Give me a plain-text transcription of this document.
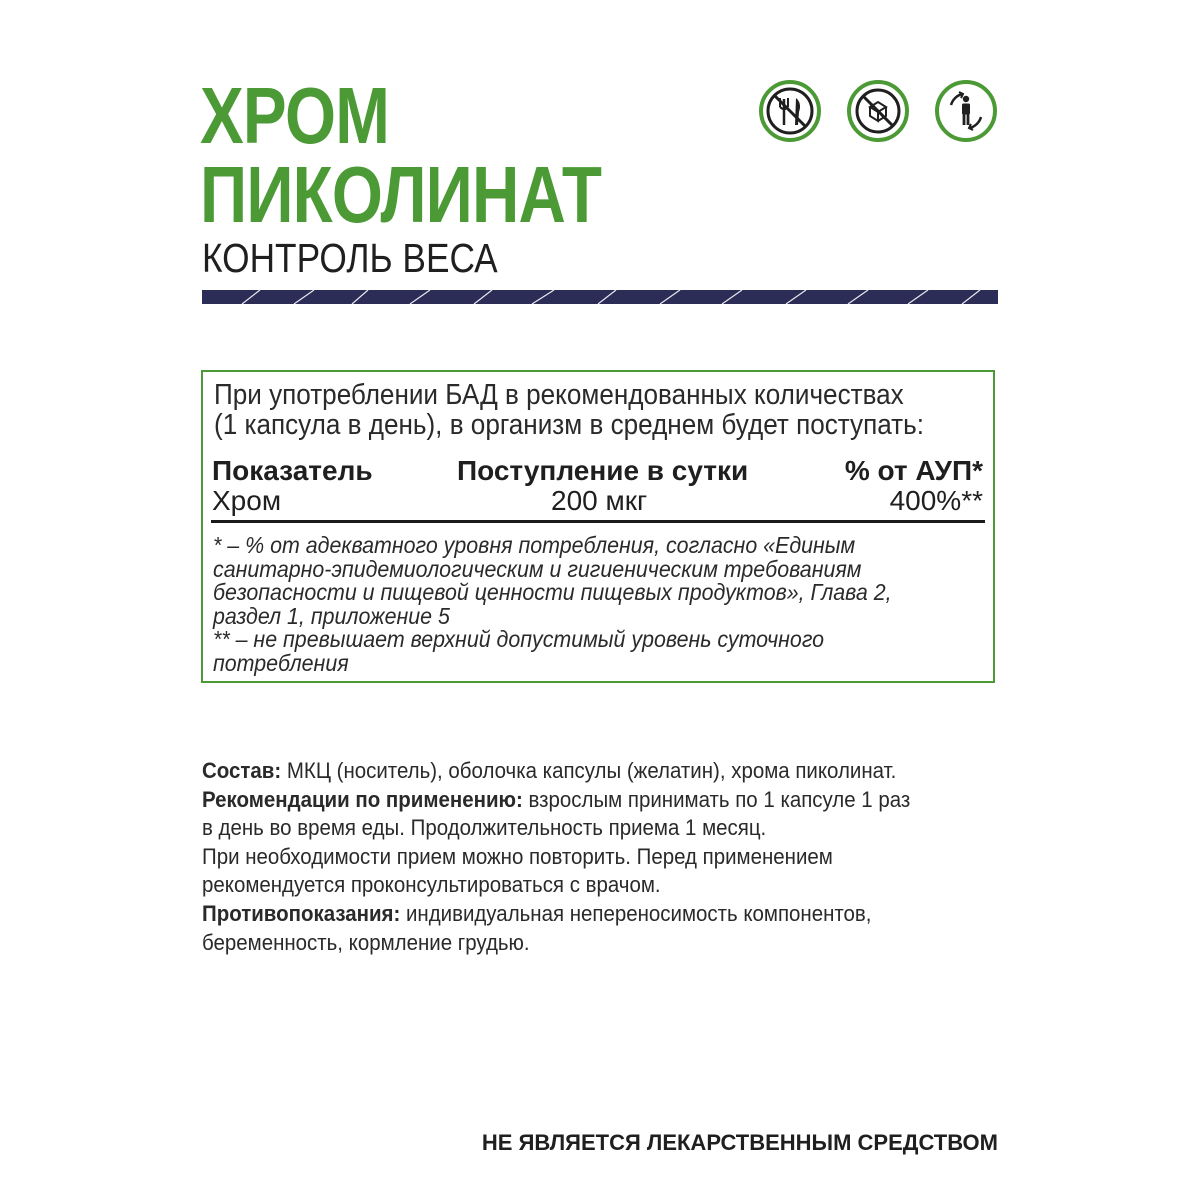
ХРОМ
ПИКОЛИНАТ
КОНТРОЛЬ ВЕСА
При употреблении БАД в рекомендованных количествах
(1 капсула в день), в организм в среднем будет поступать:
Показатель	Поступление в сутки	% от АУП*
Хром	200 мкг	400%**

* – % от адекватного уровня потребления, согласно «Единым

санитарно-эпидемиологическим и гигиеническим требованиям

безопасности и пищевой ценности пищевых продуктов», Глава 2,

раздел 1, приложение 5

** – не превышает верхний допустимый уровень суточного

потребления

Состав: МКЦ (носитель), оболочка капсулы (желатин), хрома пиколинат.

Рекомендации по применению: взрослым принимать по 1 капсуле 1 раз

в день во время еды. Продолжительность приема 1 месяц.

При необходимости прием можно повторить. Перед применением

рекомендуется проконсультироваться с врачом.

Противопоказания: индивидуальная непереносимость компонентов,

беременность, кормление грудью.

НЕ ЯВЛЯЕТСЯ ЛЕКАРСТВЕННЫМ СРЕДСТВОМ
